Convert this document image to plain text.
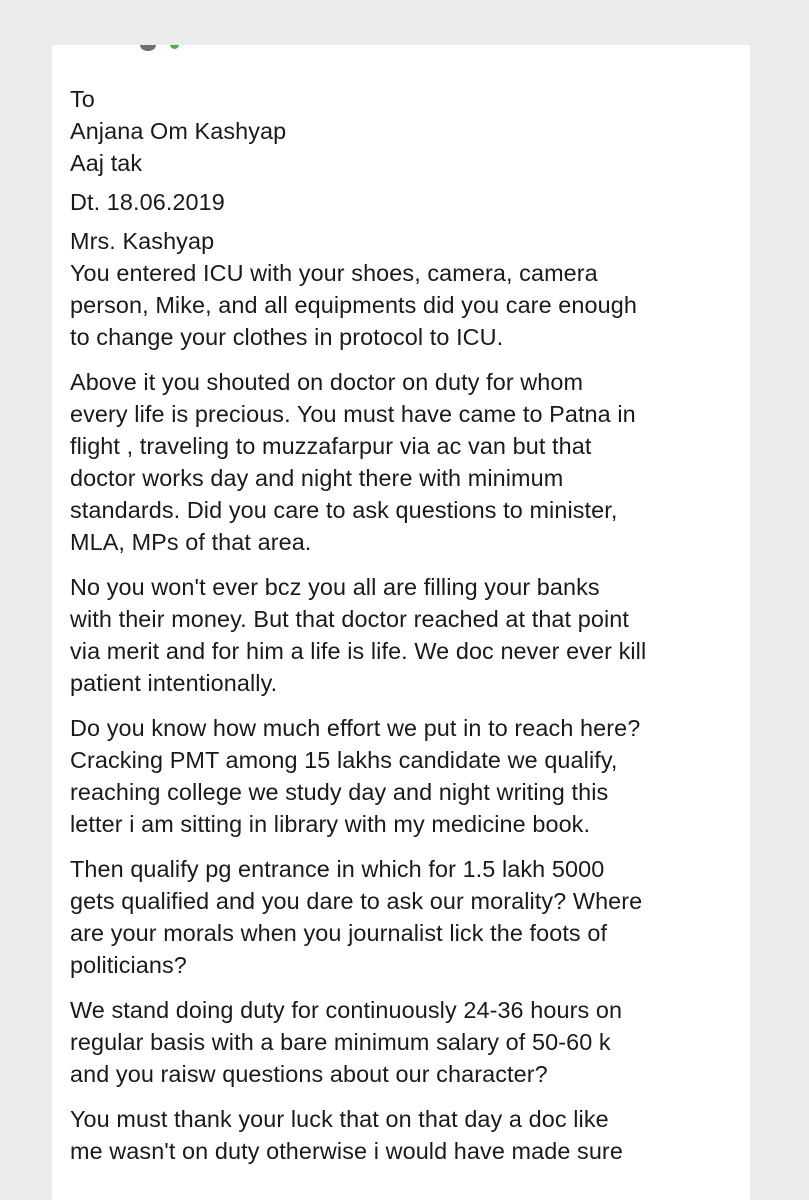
To
Anjana Om Kashyap
Aaj tak
Dt. 18.06.2019
Mrs. Kashyap
You entered ICU with your shoes, camera, camera
person, Mike, and all equipments did you care enough
to change your clothes in protocol to ICU.
Above it you shouted on doctor on duty for whom
every life is precious. You must have came to Patna in
flight , traveling to muzzafarpur via ac van but that
doctor works day and night there with minimum
standards. Did you care to ask questions to minister,
MLA, MPs of that area.
No you won't ever bcz you all are filling your banks
with their money. But that doctor reached at that point
via merit and for him a life is life. We doc never ever kill
patient intentionally.
Do you know how much effort we put in to reach here?
Cracking PMT among 15 lakhs candidate we qualify,
reaching college we study day and night writing this
letter i am sitting in library with my medicine book.
Then qualify pg entrance in which for 1.5 lakh 5000
gets qualified and you dare to ask our morality? Where
are your morals when you journalist lick the foots of
politicians?
We stand doing duty for continuously 24-36 hours on
regular basis with a bare minimum salary of 50-60 k
and you raisw questions about our character?
You must thank your luck that on that day a doc like
me wasn't on duty otherwise i would have made sure
